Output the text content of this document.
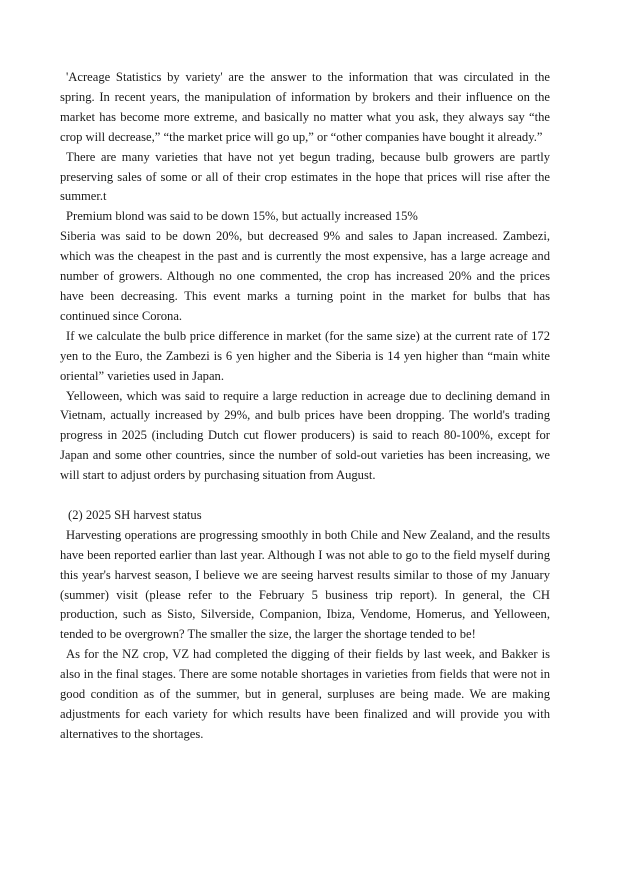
'Acreage Statistics by variety' are the answer to the information that was circulated in the spring. In recent years, the manipulation of information by brokers and their influence on the market has become more extreme, and basically no matter what you ask, they always say “the crop will decrease,” “the market price will go up,” or “other companies have bought it already.”

There are many varieties that have not yet begun trading, because bulb growers are partly preserving sales of some or all of their crop estimates in the hope that prices will rise after the summer.t

Premium blond was said to be down 15%, but actually increased 15%

Siberia was said to be down 20%, but decreased 9% and sales to Japan increased. Zambezi, which was the cheapest in the past and is currently the most expensive, has a large acreage and number of growers. Although no one commented, the crop has increased 20% and the prices have been decreasing. This event marks a turning point in the market for bulbs that has continued since Corona.

If we calculate the bulb price difference in market (for the same size) at the current rate of 172 yen to the Euro, the Zambezi is 6 yen higher and the Siberia is 14 yen higher than “main white oriental” varieties used in Japan.

Yelloween, which was said to require a large reduction in acreage due to declining demand in Vietnam, actually increased by 29%, and bulb prices have been dropping. The world's trading progress in 2025 (including Dutch cut flower producers) is said to reach 80-100%, except for Japan and some other countries, since the number of sold-out varieties has been increasing, we will start to adjust orders by purchasing situation from August.

(2) 2025 SH harvest status

Harvesting operations are progressing smoothly in both Chile and New Zealand, and the results have been reported earlier than last year. Although I was not able to go to the field myself during this year's harvest season, I believe we are seeing harvest results similar to those of my January (summer) visit (please refer to the February 5 business trip report). In general, the CH production, such as Sisto, Silverside, Companion, Ibiza, Vendome, Homerus, and Yelloween, tended to be overgrown? The smaller the size, the larger the shortage tended to be!

As for the NZ crop, VZ had completed the digging of their fields by last week, and Bakker is also in the final stages. There are some notable shortages in varieties from fields that were not in good condition as of the summer, but in general, surpluses are being made. We are making adjustments for each variety for which results have been finalized and will provide you with alternatives to the shortages.
